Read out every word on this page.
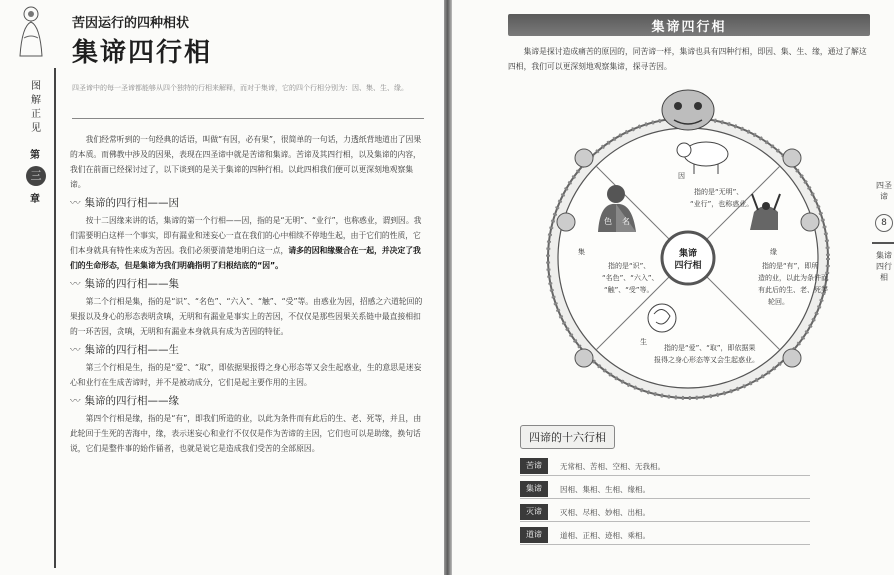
图解正见
第
三
章
苦因运行的四种相状
集谛四行相
四圣谛中的每一圣谛都能够从四个独特的行相来解释，而对于集谛，它的四个行相分别为：因、集、生、缘。

我们经常听到的一句经典的话语，叫做“有因，必有果”，很简单的一句话，力透纸背地道出了因果的本质。而佛教中涉及的因果，表现在四圣谛中就是苦谛和集谛。苦谛及其四行相，以及集谛的内容，我们在前面已经探讨过了，以下谈到的是关于集谛的四种行相。以此四相我们便可以更深刻地观察集谛。

〰 集谛的四行相——因

按十二因缘来讲的话，集谛的第一个行相——因，指的是“无明”、“业行”，也称惑业，谓到因。我们需要明白这样一个事实，即有漏业和迷妄心一直在我们的心中相续不停地生起，由于它们的性质，它们本身就具有特性来成为苦因。我们必须要清楚地明白这一点，请多的因和缘聚合在一起，并决定了我们的生命形态，但是集谛为我们明确指明了归根结底的“因”。

〰 集谛的四行相——集

第二个行相是集，指的是“识”、“名色”、“六入”、“触”、“受”等。由惑业为因，招感之六道轮回的果报以及身心的形态表明贪嗔，无明和有漏业是事实上的苦因，不仅仅是那些因果关系链中最直接相扣的一环苦因，贪嗔，无明和有漏业本身就具有成为苦因的特征。

〰 集谛的四行相——生

第三个行相是生，指的是“爱”、“取”，即依据果报得之身心形态等又会生起惑业，生的意思是迷妄心和业行在生成苦谛时，并不是被动成分，它们是起主要作用的主因。

〰 集谛的四行相——缘

第四个行相是缘，指的是“有”，即我们所造的业，以此为条件而有此后的生、老、死等，并且，由此轮回于生死的苦海中，缘，表示迷妄心和业行不仅仅是作为苦谛的主因，它们也可以是助缘，换句话说，它们是整件事的始作俑者，也就是说它是造成我们受苦的全部原因。

集谛四行相
集谛是探讨造成痛苦的原因的，同苦谛一样，集谛也具有四种行相，即因、集、生、缘，通过了解这四相，我们可以更深刻地观察集谛，探寻苦因。
集谛
四行相
因
指的是“无明”、
“业行”，也称惑业。
缘
指的是“有”，即所
造的业，以此为条件而
有此后的生、老、死等
轮回。
生
指的是“爱”、“取”，即依据果
报得之身心形态等又会生起惑业。
色 名
集
指的是“识”、
“名色”、“六入”、
“触”、“受”等。
四圣谛
8
集谛四行相
四谛的十六行相
苦谛	无常相、苦相、空相、无我相。
集谛	因相、集相、生相、缘相。
灭谛	灭相、尽相、妙相、出相。
道谛	道相、正相、迹相、乘相。
